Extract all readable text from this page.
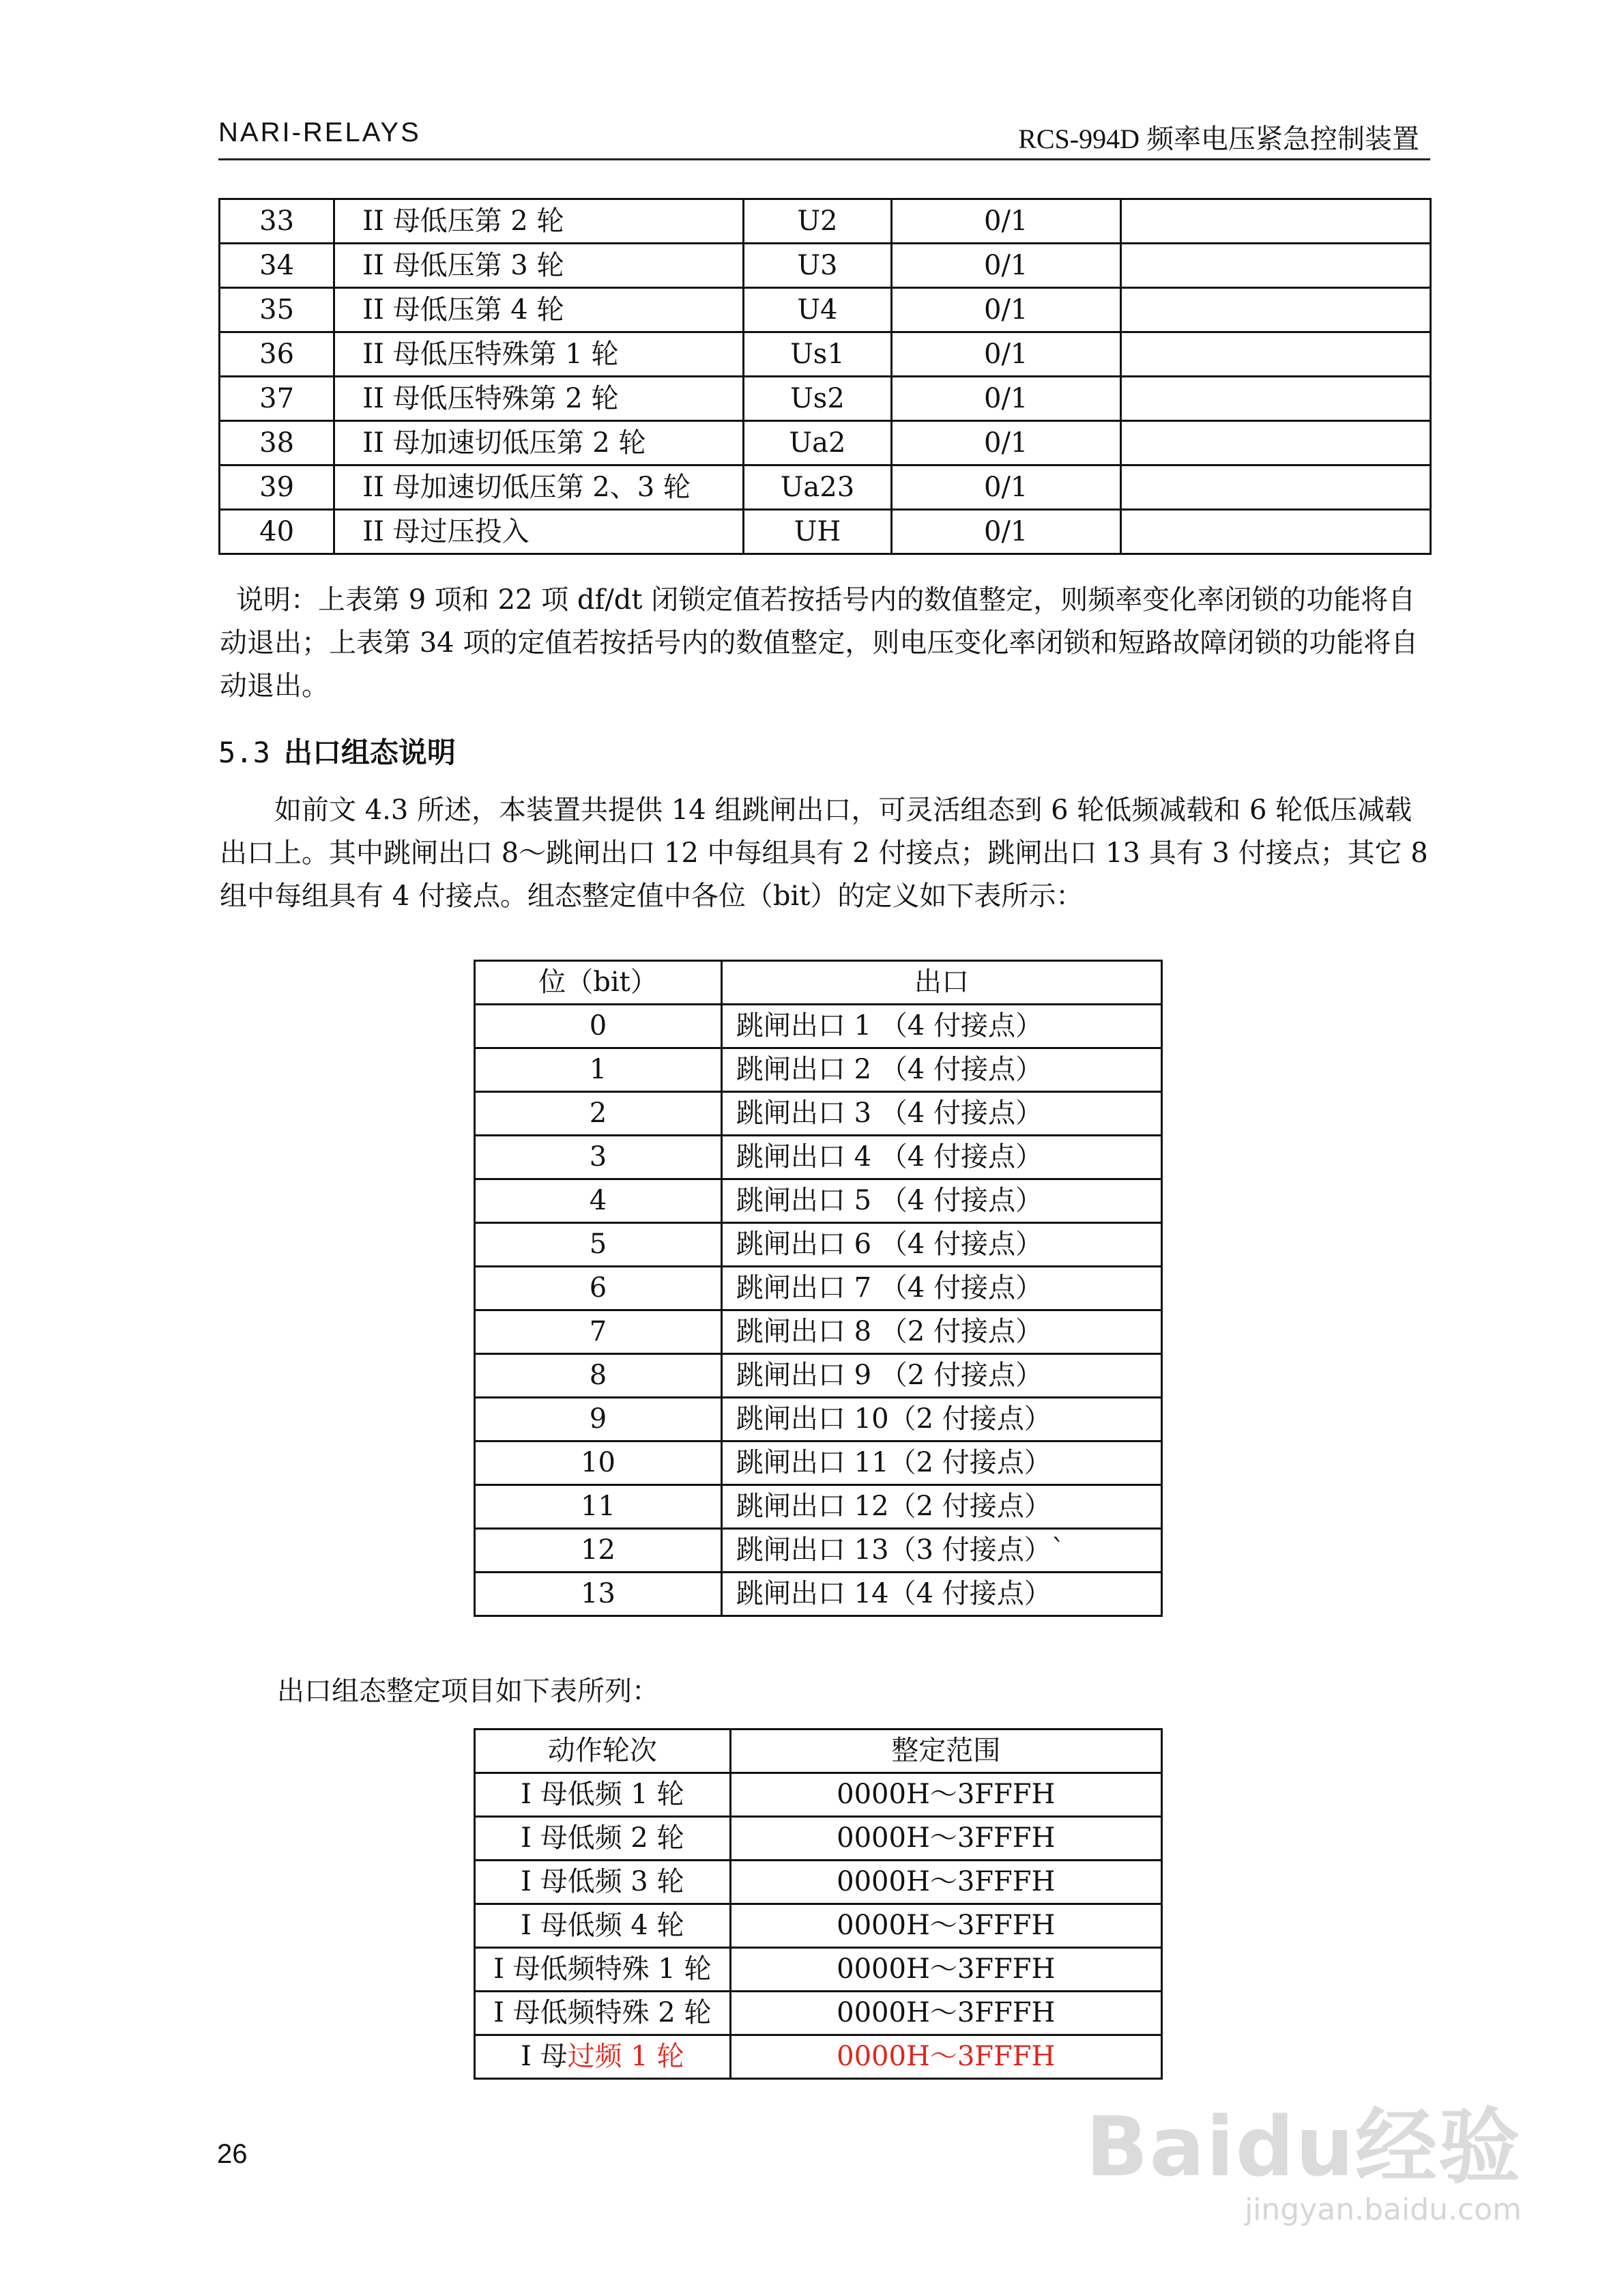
NARI-RELAYS	RCS-994D 频率电压紧急控制装置
33	II 母低压第 2 轮	U2	0/1	
34	II 母低压第 3 轮	U3	0/1	
35	II 母低压第 4 轮	U4	0/1	
36	II 母低压特殊第 1 轮	Us1	0/1	
37	II 母低压特殊第 2 轮	Us2	0/1	
38	II 母加速切低压第 2 轮	Ua2	0/1	
39	II 母加速切低压第 2、3 轮	Ua23	0/1	
40	II 母过压投入	UH	0/1	
说明：上表第 9 项和 22 项 df/dt 闭锁定值若按括号内的数值整定，则频率变化率闭锁的功能将自动退出；上表第 34 项的定值若按括号内的数值整定，则电压变化率闭锁和短路故障闭锁的功能将自动退出。
5.3 出口组态说明
如前文 4.3 所述，本装置共提供 14 组跳闸出口，可灵活组态到 6 轮低频减载和 6 轮低压减载出口上。其中跳闸出口 8～跳闸出口 12 中每组具有 2 付接点；跳闸出口 13 具有 3 付接点；其它 8 组中每组具有 4 付接点。组态整定值中各位（bit）的定义如下表所示：
位（bit）	出口
0	跳闸出口 1 （4 付接点）
1	跳闸出口 2 （4 付接点）
2	跳闸出口 3 （4 付接点）
3	跳闸出口 4 （4 付接点）
4	跳闸出口 5 （4 付接点）
5	跳闸出口 6 （4 付接点）
6	跳闸出口 7 （4 付接点）
7	跳闸出口 8 （2 付接点）
8	跳闸出口 9 （2 付接点）
9	跳闸出口 10（2 付接点）
10	跳闸出口 11（2 付接点）
11	跳闸出口 12（2 付接点）
12	跳闸出口 13（3 付接点）`
13	跳闸出口 14（4 付接点）
出口组态整定项目如下表所列：
动作轮次	整定范围
I 母低频 1 轮	0000H～3FFFH
I 母低频 2 轮	0000H～3FFFH
I 母低频 3 轮	0000H～3FFFH
I 母低频 4 轮	0000H～3FFFH
I 母低频特殊 1 轮	0000H～3FFFH
I 母低频特殊 2 轮	0000H～3FFFH
I 母过频 1 轮	0000H～3FFFH
26	Baidu经验
jingyan.baidu.com
